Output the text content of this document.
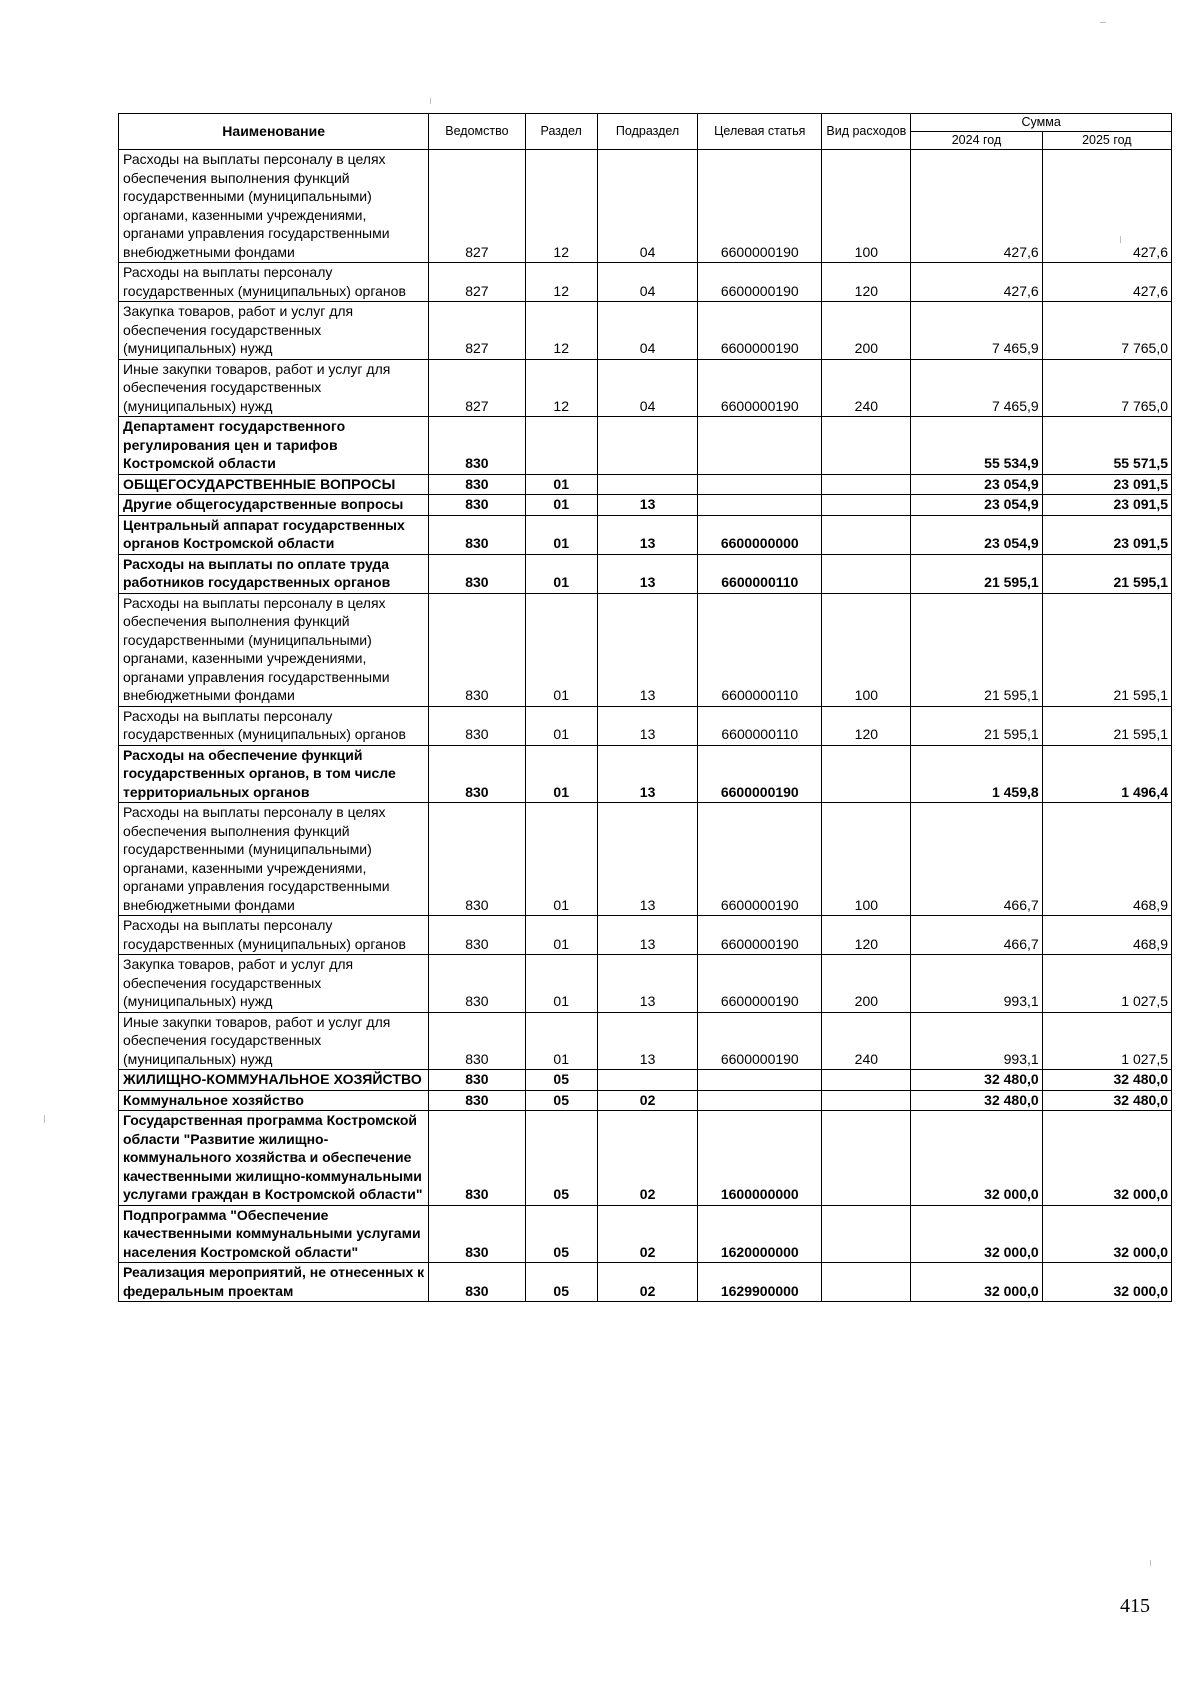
Наименование	Ведомство	Раздел	Подраздел	Целевая статья	Вид расходов	Сумма	
						2024 год	2025 год
Расходы на выплаты персоналу в целях обеспечения выполнения функций государственными (муниципальными) органами, казенными учреждениями, органами управления государственными внебюджетными фондами	827	12	04	6600000190	100	427,6	427,6
Расходы на выплаты персоналу государственных (муниципальных) органов	827	12	04	6600000190	120	427,6	427,6
Закупка товаров, работ и услуг для обеспечения государственных (муниципальных) нужд	827	12	04	6600000190	200	7 465,9	7 765,0
Иные закупки товаров, работ и услуг для обеспечения государственных (муниципальных) нужд	827	12	04	6600000190	240	7 465,9	7 765,0
Департамент государственного регулирования цен и тарифов Костромской области	830					55 534,9	55 571,5
ОБЩЕГОСУДАРСТВЕННЫЕ ВОПРОСЫ	830	01				23 054,9	23 091,5
Другие общегосударственные вопросы	830	01	13			23 054,9	23 091,5
Центральный аппарат государственных органов Костромской области	830	01	13	6600000000		23 054,9	23 091,5
Расходы на выплаты по оплате труда работников государственных органов	830	01	13	6600000110		21 595,1	21 595,1
Расходы на выплаты персоналу в целях обеспечения выполнения функций государственными (муниципальными) органами, казенными учреждениями, органами управления государственными внебюджетными фондами	830	01	13	6600000110	100	21 595,1	21 595,1
Расходы на выплаты персоналу государственных (муниципальных) органов	830	01	13	6600000110	120	21 595,1	21 595,1
Расходы на обеспечение функций государственных органов, в том числе территориальных органов	830	01	13	6600000190		1 459,8	1 496,4
Расходы на выплаты персоналу в целях обеспечения выполнения функций государственными (муниципальными) органами, казенными учреждениями, органами управления государственными внебюджетными фондами	830	01	13	6600000190	100	466,7	468,9
Расходы на выплаты персоналу государственных (муниципальных) органов	830	01	13	6600000190	120	466,7	468,9
Закупка товаров, работ и услуг для обеспечения государственных (муниципальных) нужд	830	01	13	6600000190	200	993,1	1 027,5
Иные закупки товаров, работ и услуг для обеспечения государственных (муниципальных) нужд	830	01	13	6600000190	240	993,1	1 027,5
ЖИЛИЩНО-КОММУНАЛЬНОЕ ХОЗЯЙСТВО	830	05				32 480,0	32 480,0
Коммунальное хозяйство	830	05	02			32 480,0	32 480,0
Государственная программа Костромской области "Развитие жилищно-коммунального хозяйства и обеспечение качественными жилищно-коммунальными услугами граждан в Костромской области"	830	05	02	1600000000		32 000,0	32 000,0
Подпрограмма "Обеспечение качественными коммунальными услугами населения Костромской области"	830	05	02	1620000000		32 000,0	32 000,0
Реализация мероприятий, не отнесенных к федеральным проектам	830	05	02	1629900000		32 000,0	32 000,0
415
